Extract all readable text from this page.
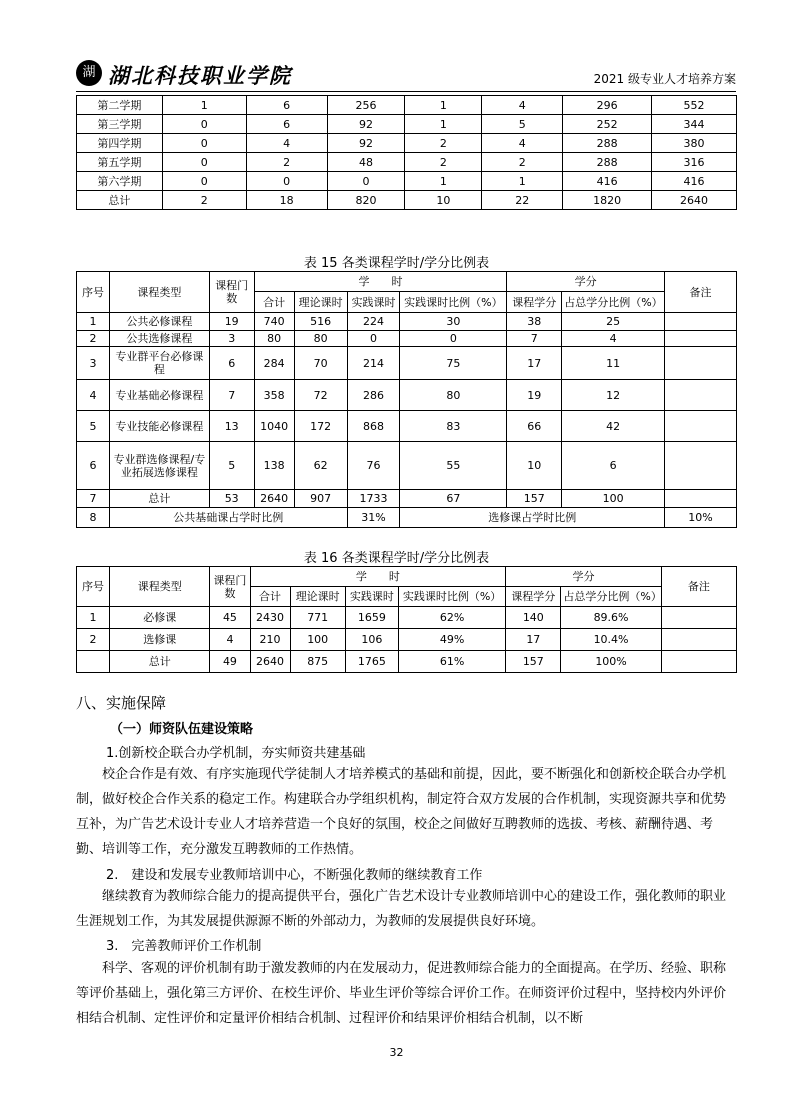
湖 湖北科技职业学院	2021 级专业人才培养方案
第二学期	1	6	256	1	4	296	552
第三学期	0	6	92	1	5	252	344
第四学期	0	4	92	2	4	288	380
第五学期	0	2	48	2	2	288	316
第六学期	0	0	0	1	1	416	416
总计	2	18	820	10	22	1820	2640
表 15 各类课程学时/学分比例表
序号	课程类型	课程门数	学　　时				学分		备注
			合计	理论课时	实践课时	实践课时比例（%）	课程学分	占总学分比例（%）	
1	公共必修课程	19	740	516	224	30	38	25	
2	公共选修课程	3	80	80	0	0	7	4	
3	专业群平台必修课程	6	284	70	214	75	17	11	
4	专业基础必修课程	7	358	72	286	80	19	12	
5	专业技能必修课程	13	1040	172	868	83	66	42	
6	专业群选修课程/专业拓展选修课程	5	138	62	76	55	10	6	
7	总计	53	2640	907	1733	67	157	100	
8	公共基础课占学时比例				31%	选修课占学时比例			10%
表 16 各类课程学时/学分比例表
序号	课程类型	课程门数	学　　时				学分		备注
			合计	理论课时	实践课时	实践课时比例（%）	课程学分	占总学分比例（%）	
1	必修课	45	2430	771	1659	62%	140	89.6%	
2	选修课	4	210	100	106	49%	17	10.4%	
	总计	49	2640	875	1765	61%	157	100%	
八、实施保障
（一）师资队伍建设策略
1.创新校企联合办学机制，夯实师资共建基础

校企合作是有效、有序实施现代学徒制人才培养模式的基础和前提，因此，要不断强化和创新校企联合办学机制，做好校企合作关系的稳定工作。构建联合办学组织机构，制定符合双方发展的合作机制，实现资源共享和优势互补，为广告艺术设计专业人才培养营造一个良好的氛围，校企之间做好互聘教师的选拔、考核、薪酬待遇、考勤、培训等工作，充分激发互聘教师的工作热情。

2.　建设和发展专业教师培训中心，不断强化教师的继续教育工作

继续教育为教师综合能力的提高提供平台，强化广告艺术设计专业教师培训中心的建设工作，强化教师的职业生涯规划工作，为其发展提供源源不断的外部动力，为教师的发展提供良好环境。

3.　完善教师评价工作机制

科学、客观的评价机制有助于激发教师的内在发展动力，促进教师综合能力的全面提高。在学历、经验、职称等评价基础上，强化第三方评价、在校生评价、毕业生评价等综合评价工作。在师资评价过程中，坚持校内外评价相结合机制、定性评价和定量评价相结合机制、过程评价和结果评价相结合机制，以不断

32
